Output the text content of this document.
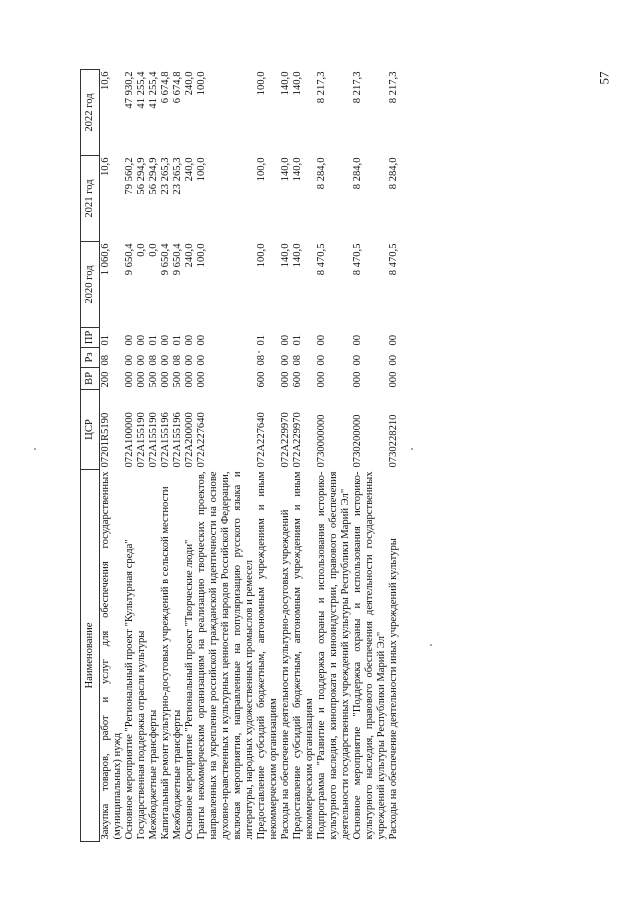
57
Наименование	ЦСР	ВР	Рз	ПР	2020 год	2021 год	2022 год
Закупка товаров, работ и услуг для обеспечения государственных (муниципальных) нужд	07201R5190	200	08	01	1 060,6	10,6	10,6
Основное мероприятие "Региональный проект "Культурная среда"	072A100000	000	00	00	9 650,4	79 560,2	47 930,2
Государственная поддержка отрасли культуры	072A155190	000	00	00	0,0	56 294,9	41 255,4
Межбюджетные трансферты	072A155190	500	08	01	0,0	56 294,9	41 255,4
Капитальный ремонт культурно-досуговых учреждений в сельской местности	072A155196	000	00	00	9 650,4	23 265,3	6 674,8
Межбюджетные трансферты	072A155196	500	08	01	9 650,4	23 265,3	6 674,8
Основное мероприятие "Региональный проект "Творческие люди"	072A200000	000	00	00	240,0	240,0	240,0
Гранты некоммерческим организациям на реализацию творческих проектов, направленных на укрепление российской гражданской идентичности на основе духовно-нравственных и культурных ценностей народов Российской Федерации, включая мероприятия, направленные на популяризацию русского языка и литературы, народных художественных промыслов и ремесел	072A227640	000	00	00	100,0	100,0	100,0
Предоставление субсидий бюджетным, автономным учреждениям и иным некоммерческим организациям	072A227640	600	08	01	100,0	100,0	100,0
Расходы на обеспечение деятельности культурно-досуговых учреждений	072A229970	000	00	00	140,0	140,0	140,0
Предоставление субсидий бюджетным, автономным учреждениям и иным некоммерческим организациям	072A229970	600	08	01	140,0	140,0	140,0
Подпрограмма "Развитие и поддержка охраны и использования историко-культурного наследия, кинопроката и киноиндустрии, правового обеспечения деятельности государственных учреждений культуры Республики Марий Эл"	0730000000	000	00	00	8 470,5	8 284,0	8 217,3
Основное мероприятие "Поддержка охраны и использования историко-культурного наследия, правового обеспечения деятельности государственных учреждений культуры Республики Марий Эл"	0730200000	000	00	00	8 470,5	8 284,0	8 217,3
Расходы на обеспечение деятельности иных учреждений культуры	0730228210	000	00	00	8 470,5	8 284,0	8 217,3
